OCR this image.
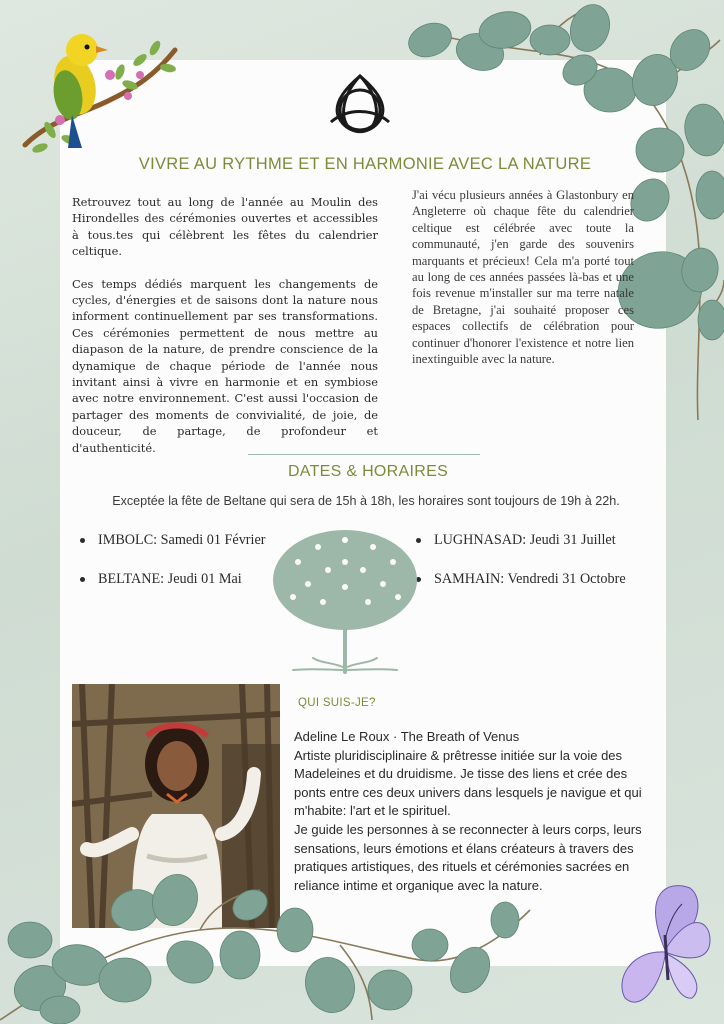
VIVRE AU RYTHME ET EN HARMONIE AVEC LA NATURE

Retrouvez tout au long de l'année au Moulin des Hirondelles des cérémonies ouvertes et accessibles à tous.tes qui célèbrent les fêtes du calendrier celtique.

Ces temps dédiés marquent les changements de cycles, d'énergies et de saisons dont la nature nous informent continuellement par ses transformations. Ces cérémonies permettent de nous mettre au diapason de la nature, de prendre conscience de la dynamique de chaque période de l'année nous invitant ainsi à vivre en harmonie et en symbiose avec notre environnement. C'est aussi l'occasion de partager des moments de convivialité, de joie, de douceur, de partage, de profondeur et d'authenticité.

J'ai vécu plusieurs années à Glastonbury en Angleterre où chaque fête du calendrier celtique est célébrée avec toute la communauté, j'en garde des souvenirs marquants et précieux! Cela m'a porté tout au long de ces années passées là-bas et une fois revenue m'installer sur ma terre natale de Bretagne, j'ai souhaité proposer ces espaces collectifs de célébration pour continuer d'honorer l'existence et notre lien inextinguible avec la nature.

DATES & HORAIRES
Exceptée la fête de Beltane qui sera de 15h à 18h, les horaires sont toujours de 19h à 22h.
IMBOLC: Samedi 01 Février
BELTANE: Jeudi 01 Mai
LUGHNASAD: Jeudi 31 Juillet
SAMHAIN: Vendredi 31 Octobre
QUI SUIS-JE?

Adeline Le Roux · The Breath of Venus

Artiste pluridisciplinaire & prêtresse initiée sur la voie des Madeleines et du druidisme. Je tisse des liens et crée des ponts entre ces deux univers dans lesquels je navigue et qui m'habite: l'art et le spirituel.

Je guide les personnes à se reconnecter à leurs corps, leurs sensations, leurs émotions et élans créateurs à travers des pratiques artistiques, des rituels et cérémonies sacrées en reliance intime et organique avec la nature.
